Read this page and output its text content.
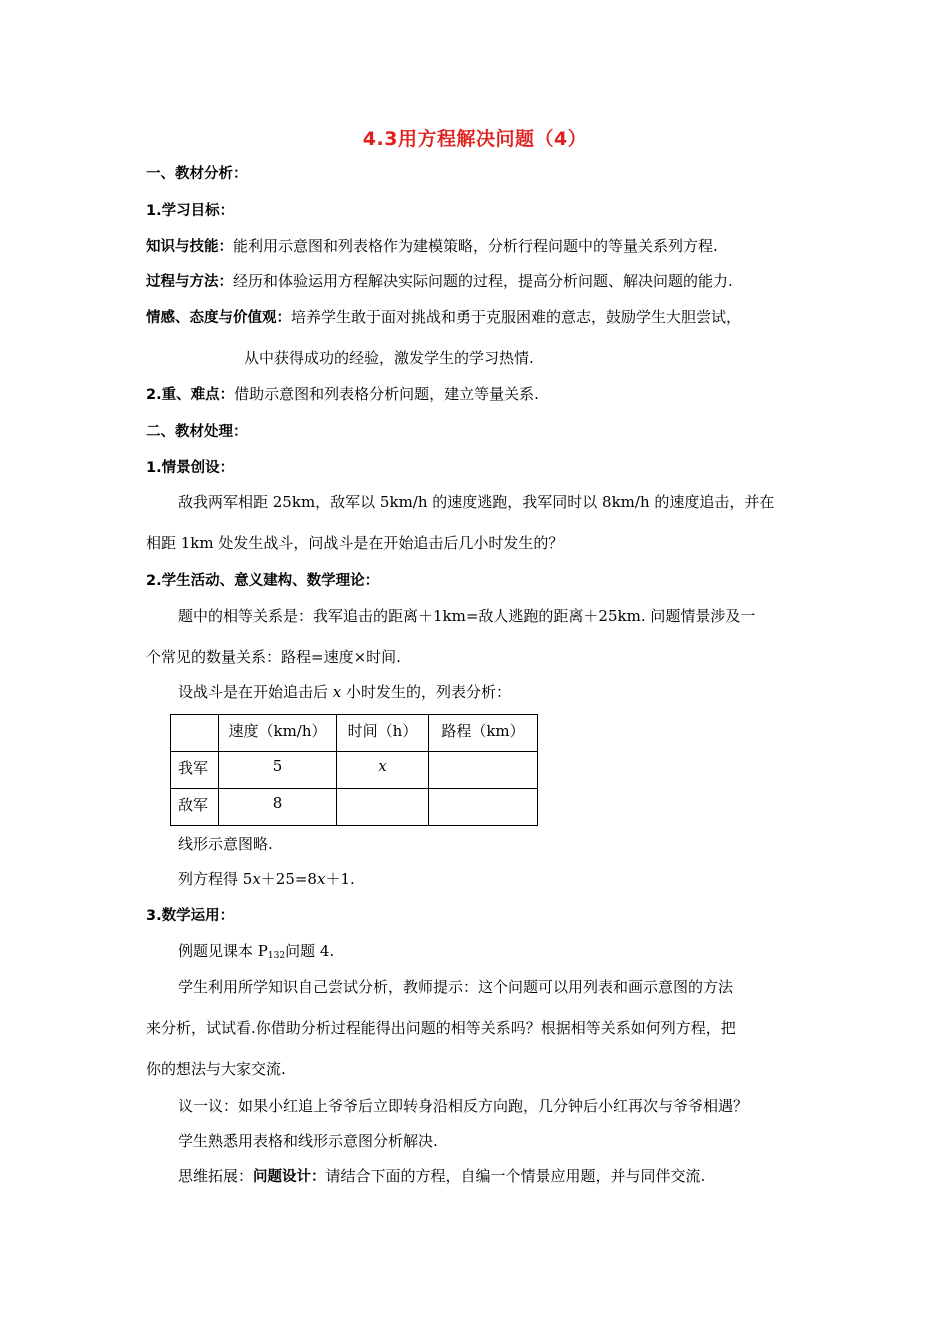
4.3用方程解决问题（4）
一、教材分析：
1.学习目标：
知识与技能：能利用示意图和列表格作为建模策略，分析行程问题中的等量关系列方程.
过程与方法：经历和体验运用方程解决实际问题的过程，提高分析问题、解决问题的能力.
情感、态度与价值观：培养学生敢于面对挑战和勇于克服困难的意志，鼓励学生大胆尝试，
从中获得成功的经验，激发学生的学习热情.
2.重、难点：借助示意图和列表格分析问题，建立等量关系.
二、教材处理：
1.情景创设：
敌我两军相距 25km，敌军以 5km/h 的速度逃跑，我军同时以 8km/h 的速度追击，并在
相距 1km 处发生战斗，问战斗是在开始追击后几小时发生的？
2.学生活动、意义建构、数学理论：
题中的相等关系是：我军追击的距离＋1km=敌人逃跑的距离＋25km. 问题情景涉及一
个常见的数量关系：路程=速度×时间.
设战斗是在开始追击后 x 小时发生的，列表分析：

	速度（km/h）	时间（h）	路程（km）

我军	5	x	

敌军	8		

线形示意图略.
列方程得 5x＋25=8x＋1.
3.数学运用：
例题见课本 $P_{132}$问题 4.
学生利用所学知识自己尝试分析，教师提示：这个问题可以用列表和画示意图的方法
来分析，试试看.你借助分析过程能得出问题的相等关系吗？根据相等关系如何列方程，把
你的想法与大家交流.
议一议：如果小红追上爷爷后立即转身沿相反方向跑，几分钟后小红再次与爷爷相遇？
学生熟悉用表格和线形示意图分析解决.
思维拓展：问题设计：请结合下面的方程，自编一个情景应用题，并与同伴交流.
